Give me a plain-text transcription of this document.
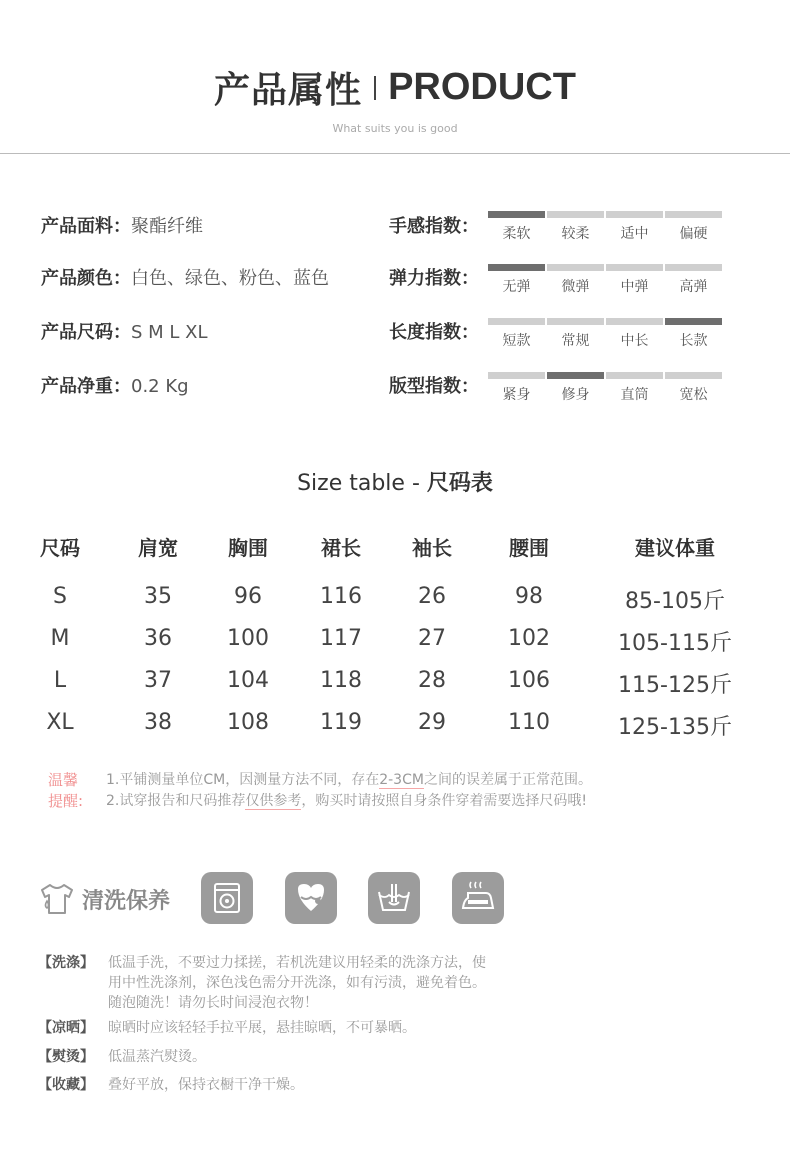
产品属性 PRODUCT
What suits you is good
产品面料：聚酯纤维
产品颜色：白色、绿色、粉色、蓝色
产品尺码：S M L XL
产品净重：0.2 Kg
手感指数：	柔软	较柔	适中	偏硬
弹力指数：	无弹	微弹	中弹	高弹
长度指数：	短款	常规	中长	长款
版型指数：	紧身	修身	直筒	宽松
Size table - 尺码表
尺码	肩宽	胸围	裙长	袖长	腰围	建议体重
S	35	96	116	26	98	85-105斤
M	36	100	117	27	102	105-115斤
L	37	104	118	28	106	115-125斤
XL	38	108	119	29	110	125-135斤
温馨
提醒:
1.平铺测量单位CM，因测量方法不同，存在2-3CM之间的误差属于正常范围。
2.试穿报告和尺码推荐仅供参考，购买时请按照自身条件穿着需要选择尺码哦!
清洗保养
【洗涤】 低温手洗，不要过力揉搓，若机洗建议用轻柔的洗涤方法，使
用中性洗涤剂，深色浅色需分开洗涤，如有污渍，避免着色。
随泡随洗！请勿长时间浸泡衣物！
【凉晒】 晾晒时应该轻轻手拉平展，悬挂晾晒，不可暴晒。
【熨烫】 低温蒸汽熨烫。
【收藏】 叠好平放，保持衣橱干净干燥。
